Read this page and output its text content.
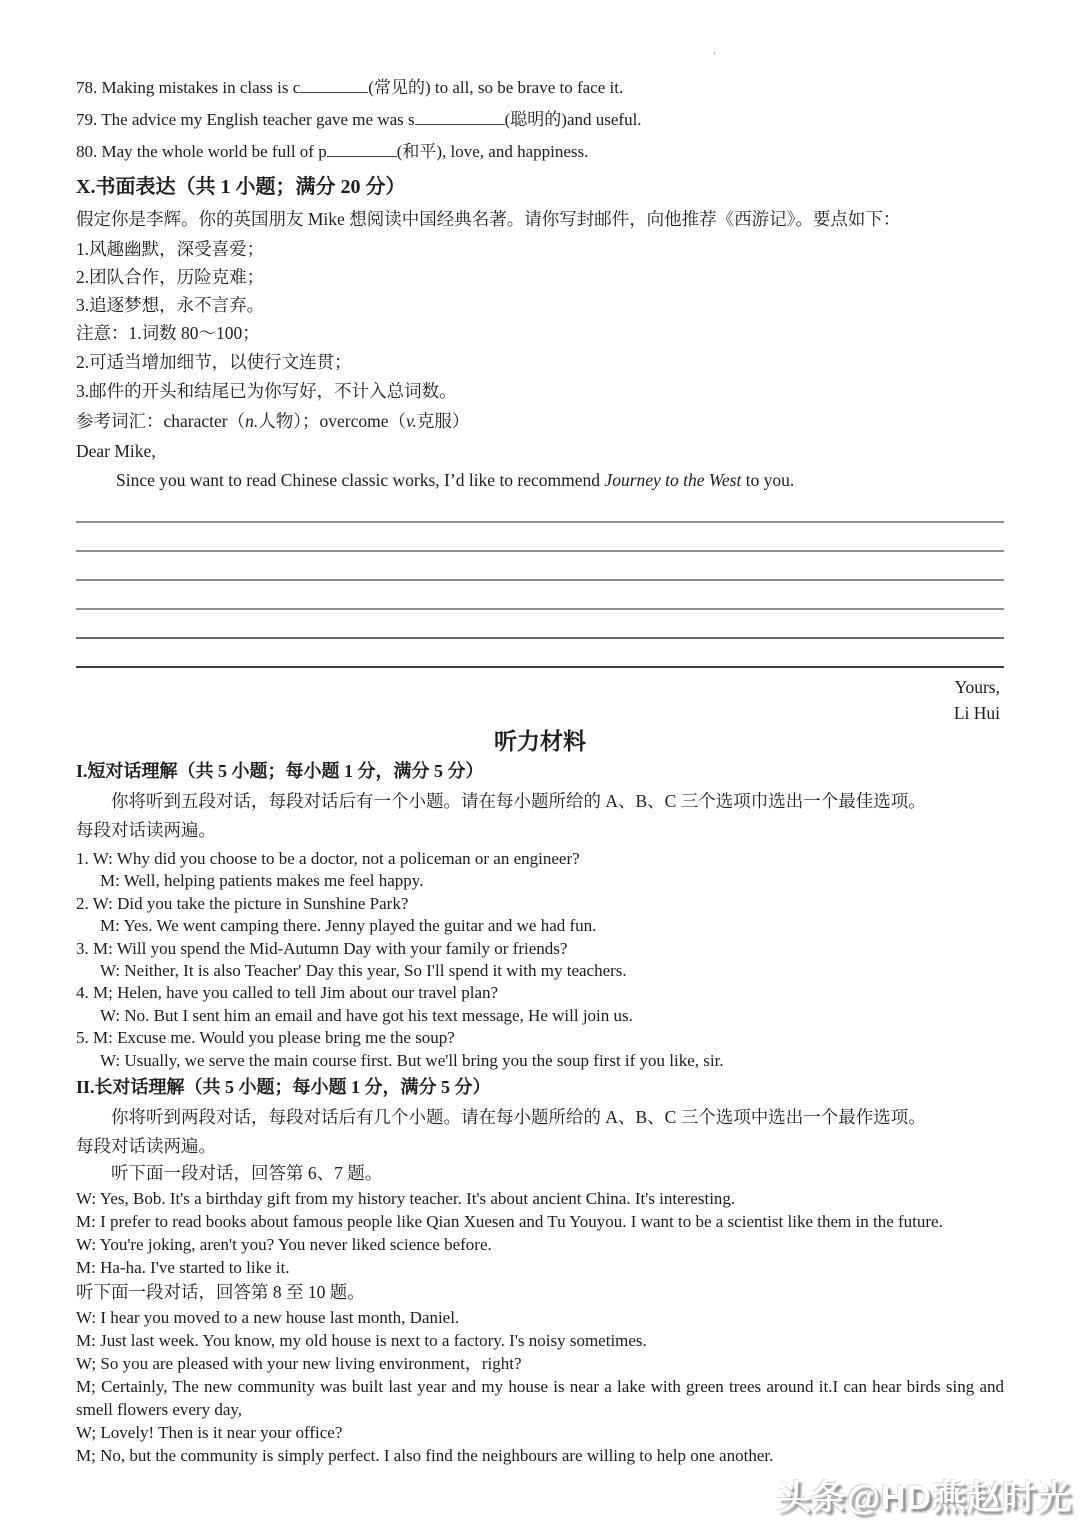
’
78. Making mistakes in class is c	(常见的) to all, so be brave to face it.
79. The advice my English teacher gave me was s	(聪明的)and useful.
80. May the whole world be full of p	(和平), love, and happiness.
X.书面表达（共 1 小题；满分 20 分）

假定你是李辉。你的英国朋友 Mike 想阅读中国经典名著。请你写封邮件，向他推荐《西游记》。要点如下：

1.风趣幽默，深受喜爱；

2.团队合作，历险克难；

3.追逐梦想，永不言弃。

注意：1.词数 80～100；

2.可适当增加细节，以使行文连贯；

3.邮件的开头和结尾已为你写好，不计入总词数。

参考词汇：character（n.人物）；overcome（v.克服）

Dear Mike,

Since you want to read Chinese classic works, I’d like to recommend Journey to the West to you.

Yours,
Li Hui
听力材料
I.短对话理解（共 5 小题；每小题 1 分，满分 5 分）

你将听到五段对话，每段对话后有一个小题。请在每小题所给的 A、B、C 三个选项巾选出一个最佳选项。

每段对话读两遍。

1. W: Why did you choose to be a doctor, not a policeman or an engineer?
M: Well, helping patients makes me feel happy.
2. W: Did you take the picture in Sunshine Park?
M: Yes. We went camping there. Jenny played the guitar and we had fun.
3. M: Will you spend the Mid-Autumn Day with your family or friends?
W: Neither, It is also Teacher' Day this year, So I'll spend it with my teachers.
4. M; Helen, have you called to tell Jim about our travel plan?
W: No. But I sent him an email and have got his text message, He will join us.
5. M: Excuse me. Would you please bring me the soup?
W: Usually, we serve the main course first. But we'll bring you the soup first if you like, sir.
II.长对话理解（共 5 小题；每小题 1 分，满分 5 分）

你将听到两段对话，每段对话后有几个小题。请在每小题所给的 A、B、C 三个选项中选出一个最作选项。

每段对话读两遍。

听下面一段对话，回答第 6、7 题。

W: Yes, Bob. It's a birthday gift from my history teacher. It's about ancient China. It's interesting.
M: I prefer to read books about famous people like Qian Xuesen and Tu Youyou. I want to be a scientist like them in the future.
W: You're joking, aren't you? You never liked science before.
M: Ha-ha. I've started to like it.

听下面一段对话，回答第 8 至 10 题。

W: I hear you moved to a new house last month, Daniel.
M: Just last week. You know, my old house is next to a factory. I's noisy sometimes.
W; So you are pleased with your new living environment，right?
M; Certainly, The new community was built last year and my house is near a lake with green trees around it.I can hear birds sing and smell flowers every day,
W; Lovely! Then is it near your office?
M; No, but the community is simply perfect. I also find the neighbours are willing to help one another.
头条@HD燕赵时光
